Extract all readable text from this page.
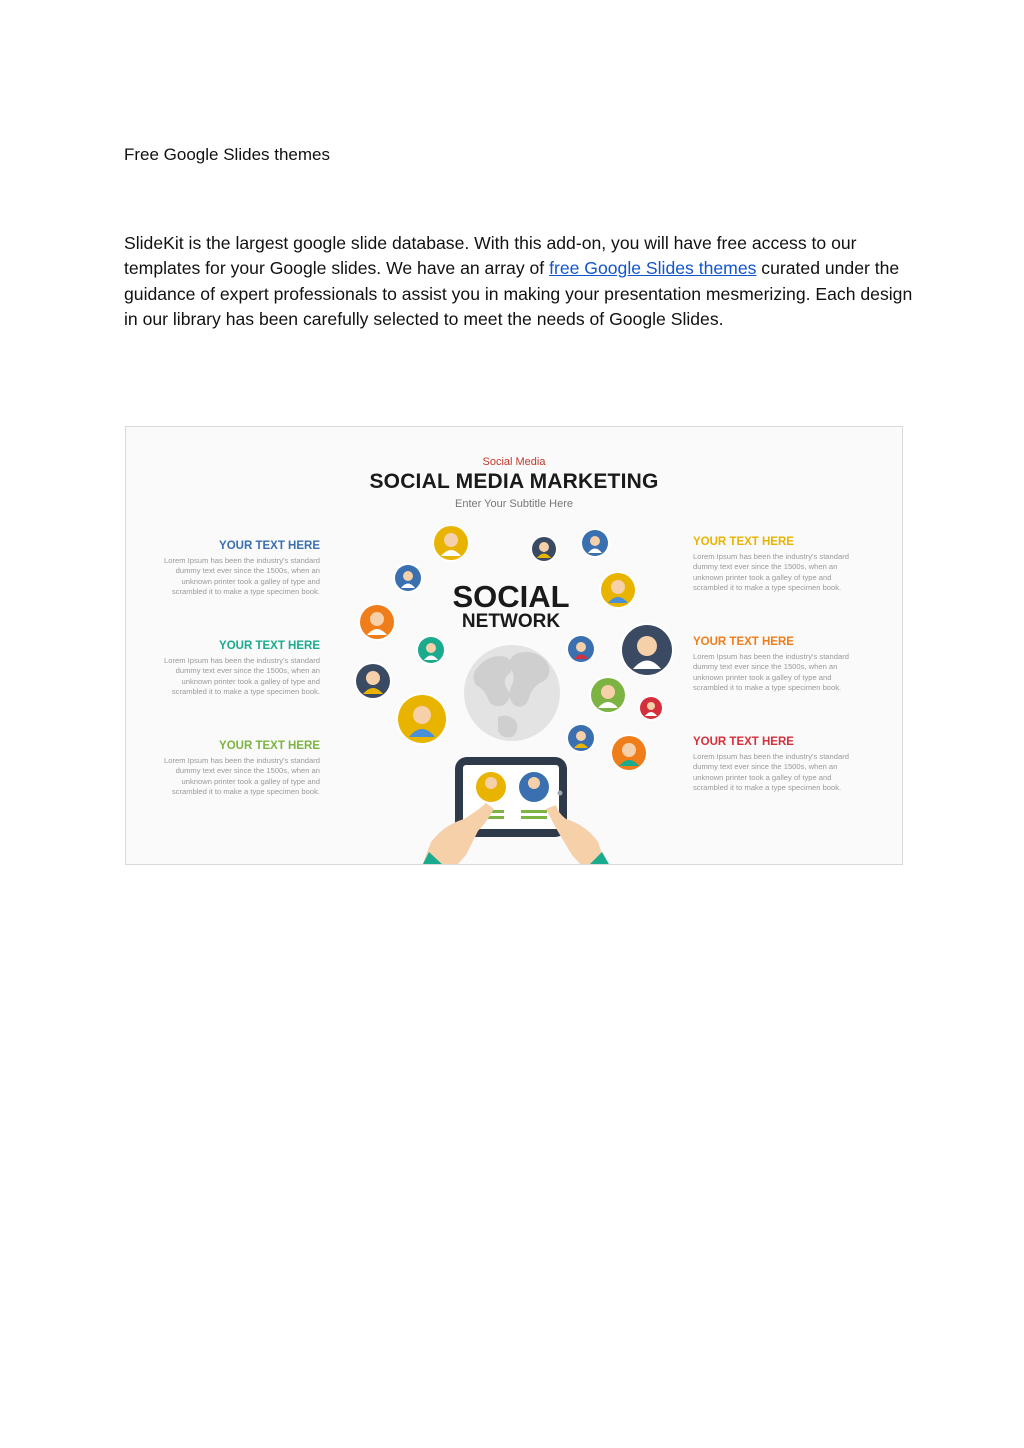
Free Google Slides themes
SlideKit is the largest google slide database. With this add-on, you will have free access to our templates for your Google slides. We have an array of free Google Slides themes curated under the guidance of expert professionals to assist you in making your presentation mesmerizing. Each design in our library has been carefully selected to meet the needs of Google Slides.
Social Media
SOCIAL MEDIA MARKETING
Enter Your Subtitle Here
SOCIAL
NETWORK
YOUR TEXT HERE
Lorem Ipsum has been the industry's standard dummy text ever since the 1500s, when an unknown printer took a galley of type and scrambled it to make a type specimen book.
YOUR TEXT HERE
Lorem Ipsum has been the industry's standard dummy text ever since the 1500s, when an unknown printer took a galley of type and scrambled it to make a type specimen book.
YOUR TEXT HERE
Lorem Ipsum has been the industry's standard dummy text ever since the 1500s, when an unknown printer took a galley of type and scrambled it to make a type specimen book.
YOUR TEXT HERE
Lorem Ipsum has been the industry's standard dummy text ever since the 1500s, when an unknown printer took a galley of type and scrambled it to make a type specimen book.
YOUR TEXT HERE
Lorem Ipsum has been the industry's standard dummy text ever since the 1500s, when an unknown printer took a galley of type and scrambled it to make a type specimen book.
YOUR TEXT HERE
Lorem Ipsum has been the industry's standard dummy text ever since the 1500s, when an unknown printer took a galley of type and scrambled it to make a type specimen book.
